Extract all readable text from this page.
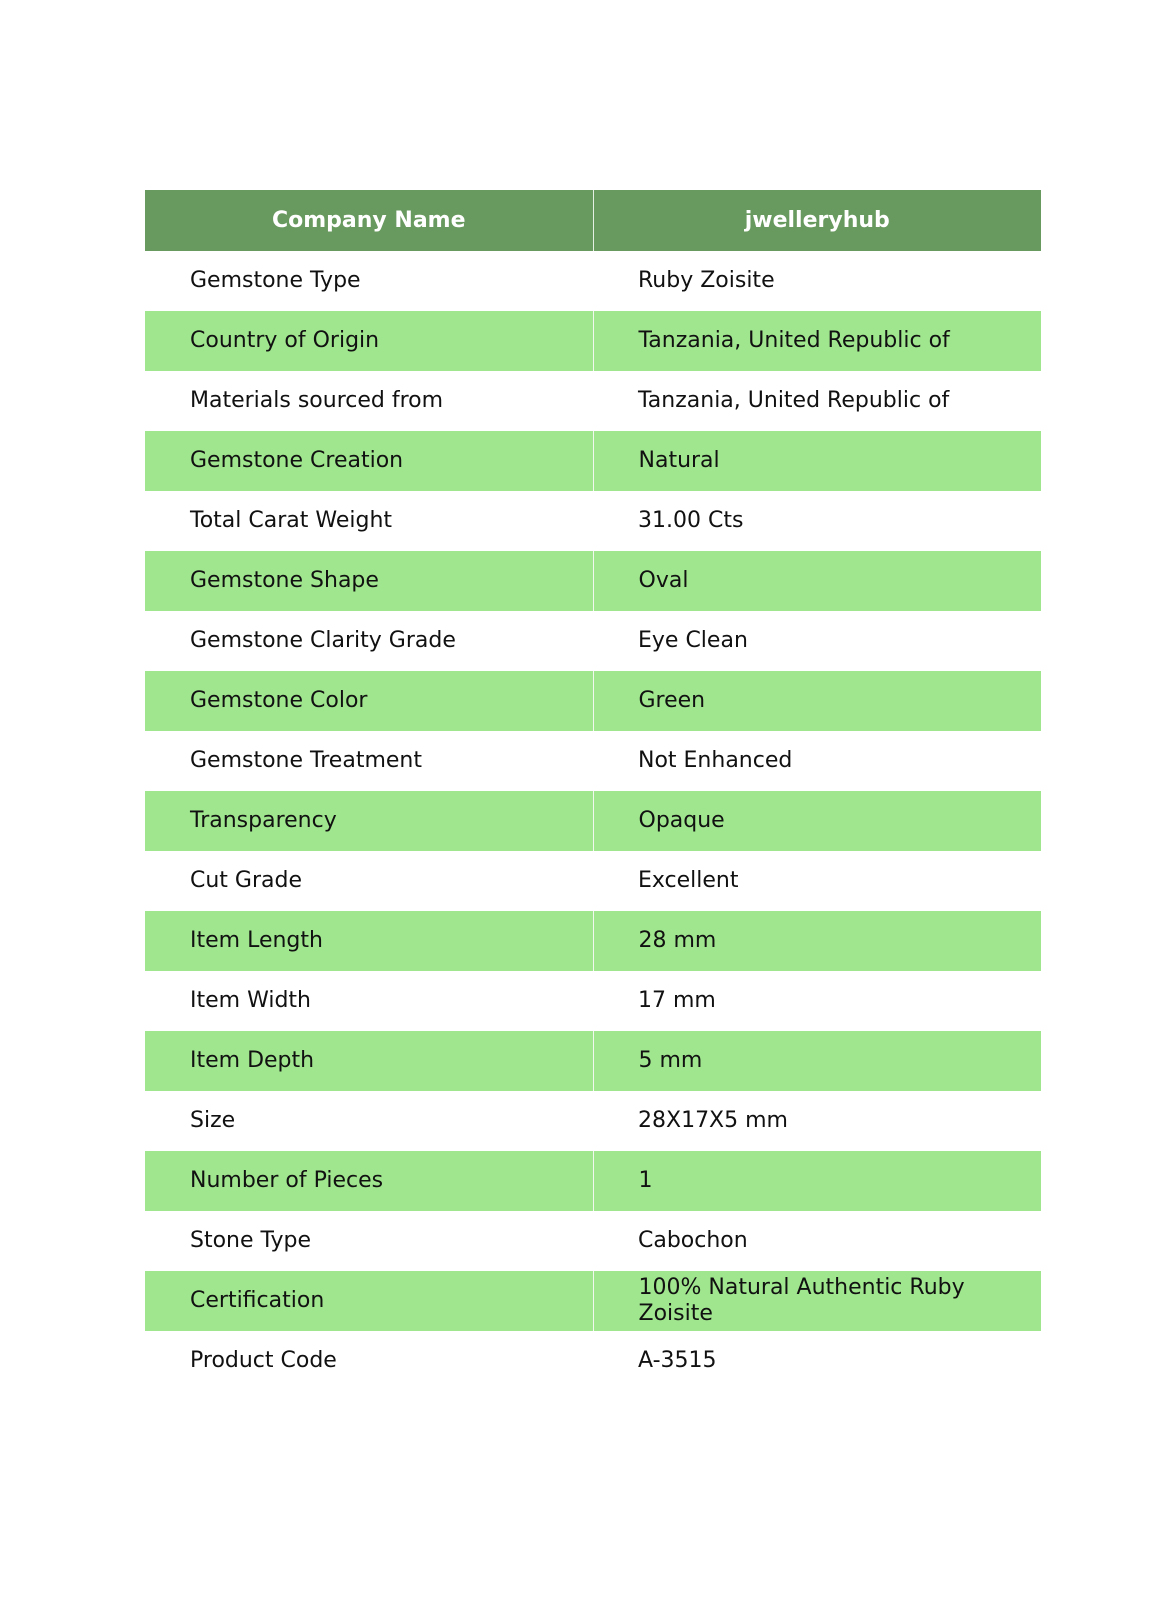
Company Name	jwelleryhub
Gemstone Type	Ruby Zoisite
Country of Origin	Tanzania, United Republic of
Materials sourced from	Tanzania, United Republic of
Gemstone Creation	Natural
Total Carat Weight	31.00 Cts
Gemstone Shape	Oval
Gemstone Clarity Grade	Eye Clean
Gemstone Color	Green
Gemstone Treatment	Not Enhanced
Transparency	Opaque
Cut Grade	Excellent
Item Length	28 mm
Item Width	17 mm
Item Depth	5 mm
Size	28X17X5 mm
Number of Pieces	1
Stone Type	Cabochon
Certification	100% Natural Authentic Ruby Zoisite
Product Code	A-3515
